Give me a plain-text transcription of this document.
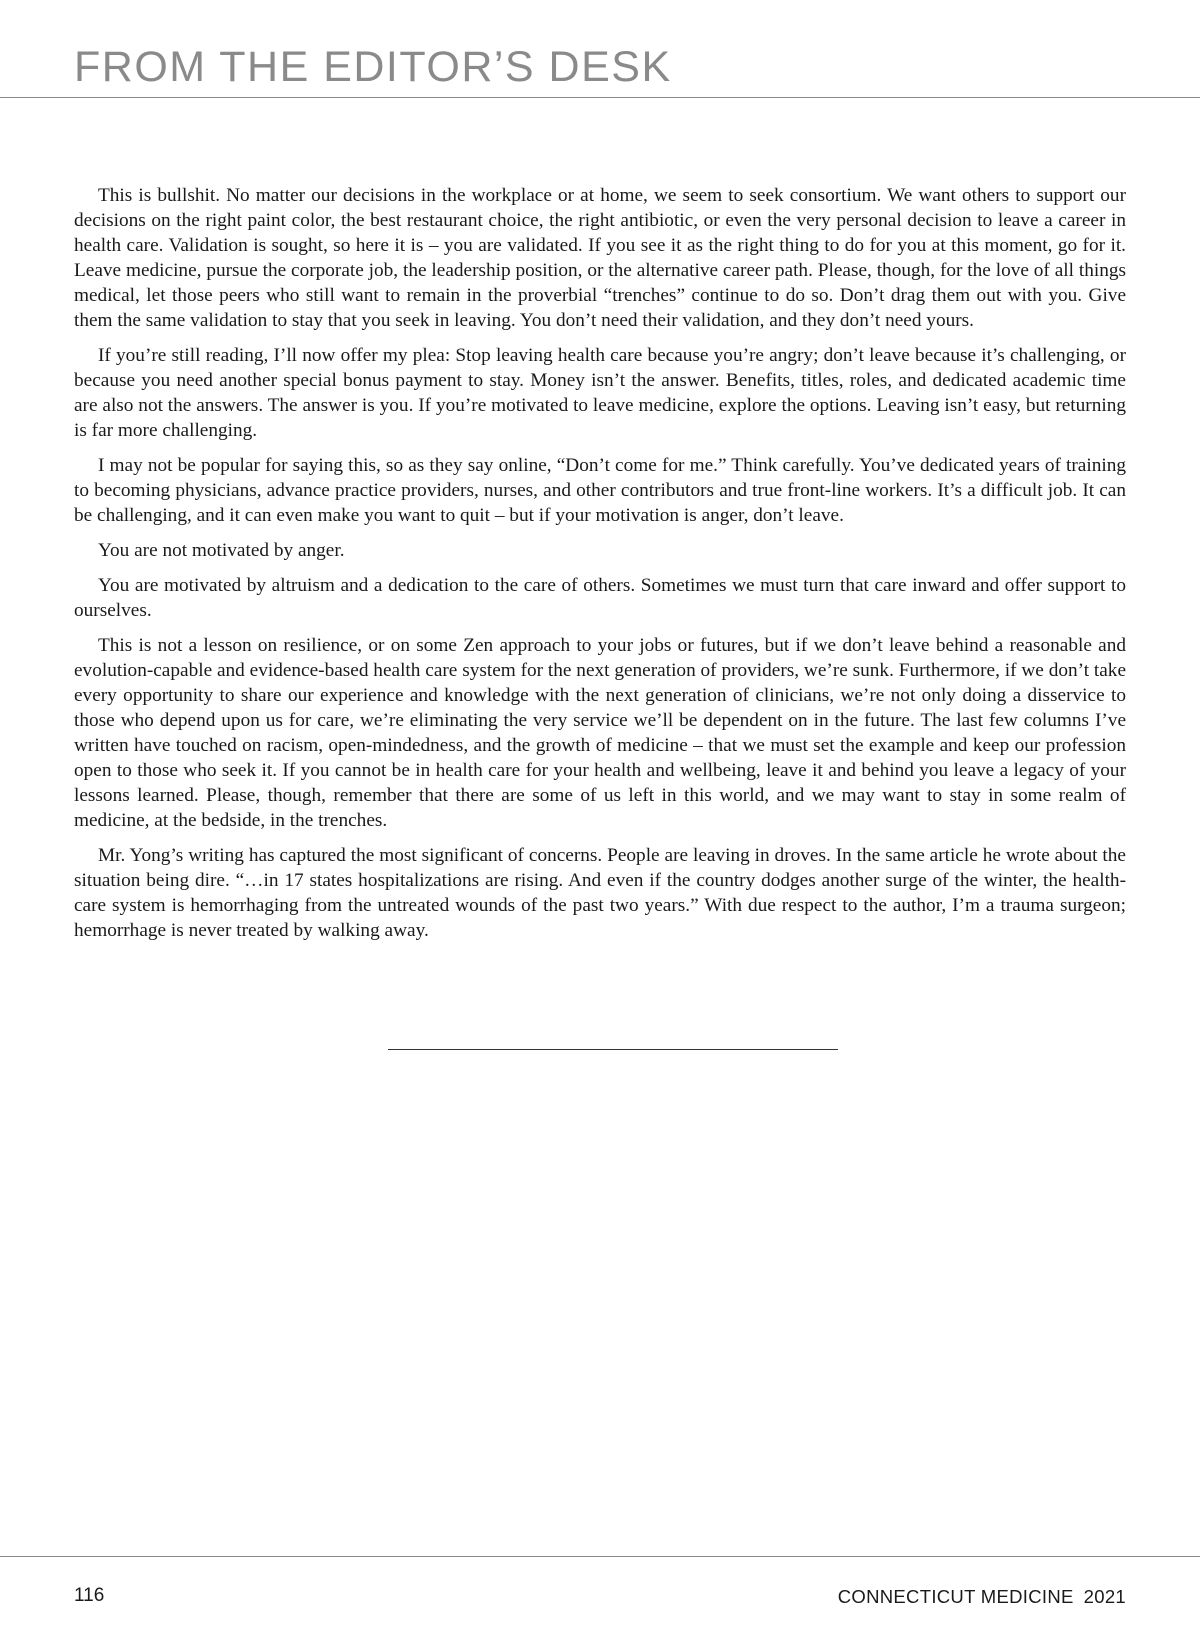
FROM THE EDITOR’S DESK

This is bullshit. No matter our decisions in the workplace or at home, we seem to seek consortium. We want others to support our decisions on the right paint color, the best restaurant choice, the right antibiotic, or even the very personal decision to leave a career in health care. Validation is sought, so here it is – you are validated. If you see it as the right thing to do for you at this moment, go for it. Leave medicine, pursue the corporate job, the leadership position, or the alternative career path. Please, though, for the love of all things medical, let those peers who still want to remain in the proverbial “trenches” continue to do so. Don’t drag them out with you. Give them the same validation to stay that you seek in leaving. You don’t need their validation, and they don’t need yours.

If you’re still reading, I’ll now offer my plea: Stop leaving health care because you’re angry; don’t leave because it’s challenging, or because you need another special bonus payment to stay. Money isn’t the answer. Benefits, titles, roles, and dedicated academic time are also not the answers. The answer is you. If you’re motivated to leave medicine, explore the options. Leaving isn’t easy, but returning is far more challenging.

I may not be popular for saying this, so as they say online, “Don’t come for me.” Think carefully. You’ve dedicated years of training to becoming physicians, advance practice providers, nurses, and other contributors and true front-line workers. It’s a difficult job. It can be challenging, and it can even make you want to quit – but if your motivation is anger, don’t leave.

You are not motivated by anger.

You are motivated by altruism and a dedication to the care of others. Sometimes we must turn that care inward and offer support to ourselves.

This is not a lesson on resilience, or on some Zen approach to your jobs or futures, but if we don’t leave behind a reasonable and evolution-capable and evidence-based health care system for the next generation of providers, we’re sunk. Furthermore, if we don’t take every opportunity to share our experience and knowledge with the next generation of clinicians, we’re not only doing a disservice to those who depend upon us for care, we’re eliminating the very service we’ll be dependent on in the future. The last few columns I’ve written have touched on racism, open-mindedness, and the growth of medicine – that we must set the example and keep our profession open to those who seek it. If you cannot be in health care for your health and wellbeing, leave it and behind you leave a legacy of your lessons learned. Please, though, remember that there are some of us left in this world, and we may want to stay in some realm of medicine, at the bedside, in the trenches.

Mr. Yong’s writing has captured the most significant of concerns. People are leaving in droves. In the same article he wrote about the situation being dire. “…in 17 states hospitalizations are rising. And even if the country dodges another surge of the winter, the health-care system is hemorrhaging from the untreated wounds of the past two years.” With due respect to the author, I’m a trauma surgeon; hemorrhage is never treated by walking away.

116	CONNECTICUT MEDICINE 2021
